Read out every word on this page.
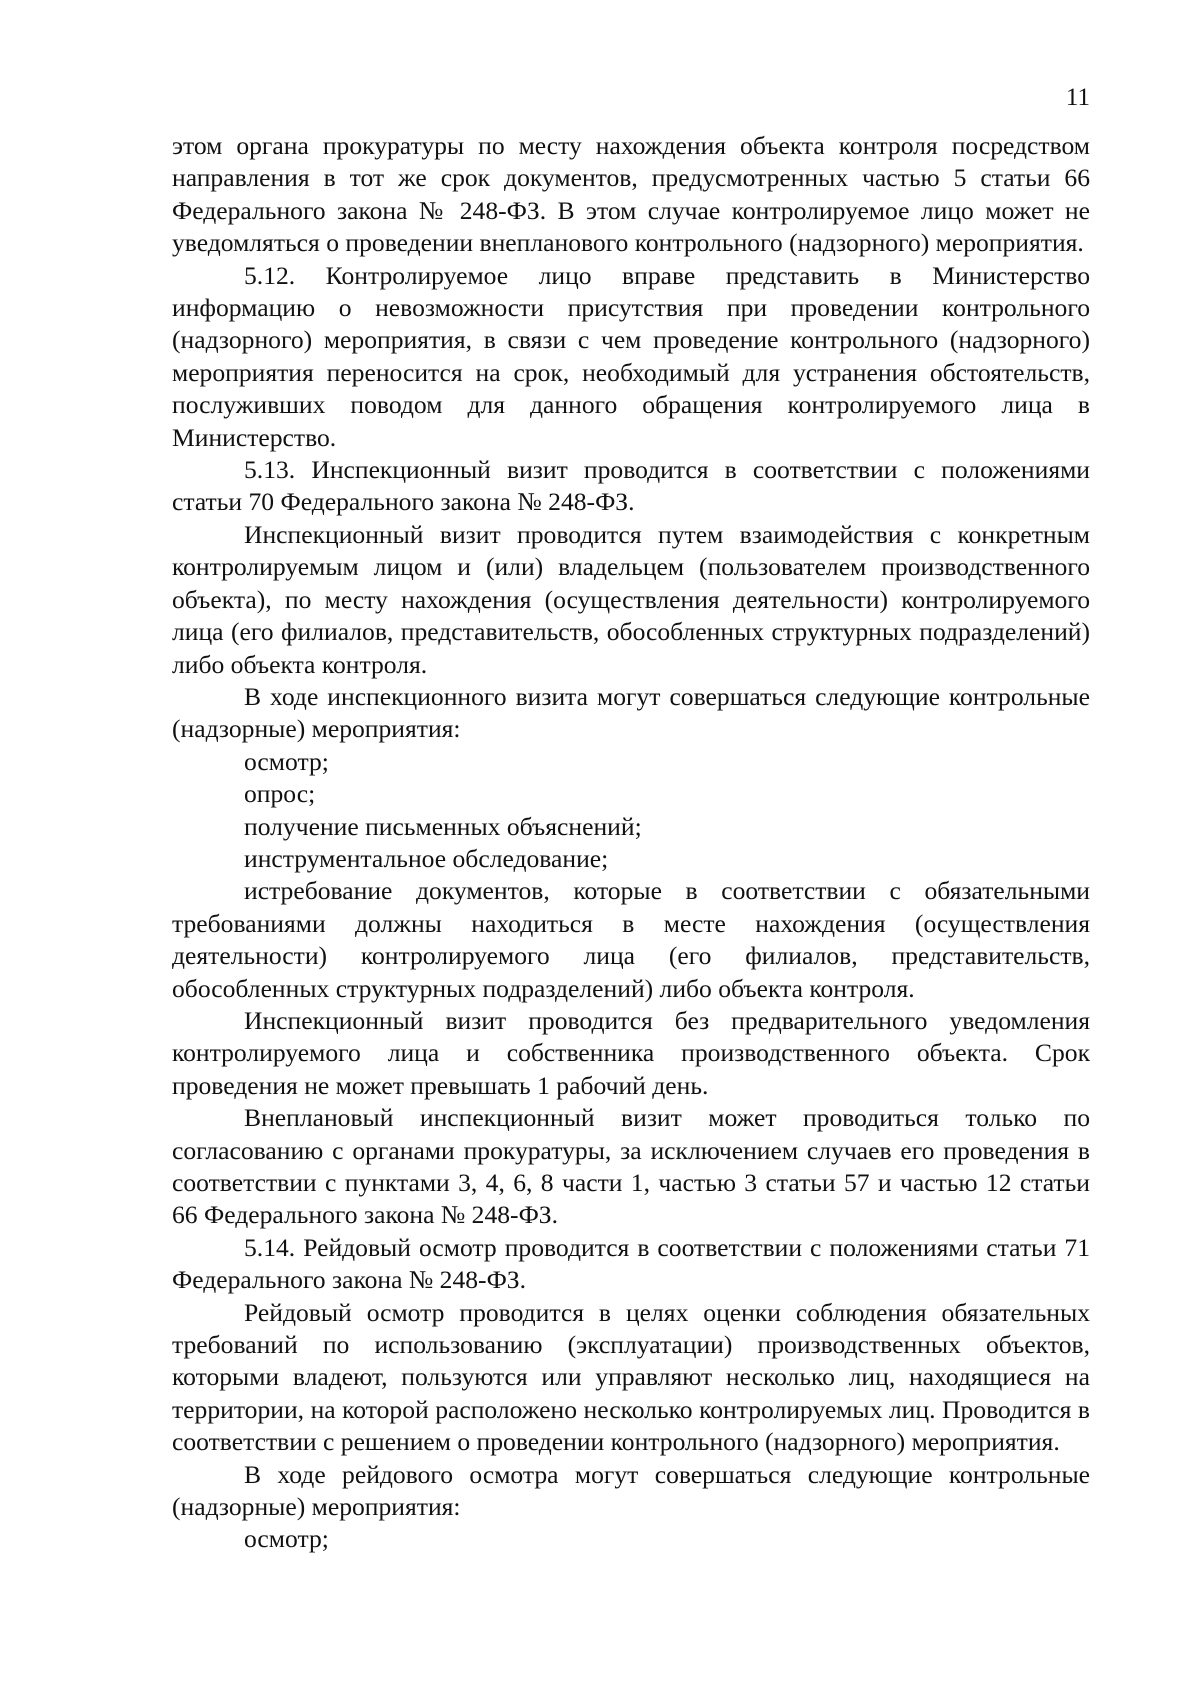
11

этом органа прокуратуры по месту нахождения объекта контроля посредством направления в тот же срок документов, предусмотренных частью 5 статьи 66 Федерального закона № 248-ФЗ. В этом случае контролируемое лицо может не уведомляться о проведении внепланового контрольного (надзорного) мероприятия.

5.12. Контролируемое лицо вправе представить в Министерство информацию о невозможности присутствия при проведении контрольного (надзорного) мероприятия, в связи с чем проведение контрольного (надзорного) мероприятия переносится на срок, необходимый для устранения обстоятельств, послуживших поводом для данного обращения контролируемого лица в Министерство.

5.13. Инспекционный визит проводится в соответствии с положениями статьи 70 Федерального закона № 248-ФЗ.

Инспекционный визит проводится путем взаимодействия с конкретным контролируемым лицом и (или) владельцем (пользователем производственного объекта), по месту нахождения (осуществления деятельности) контролируемого лица (его филиалов, представительств, обособленных структурных подразделений) либо объекта контроля.

В ходе инспекционного визита могут совершаться следующие контрольные (надзорные) мероприятия:

осмотр;

опрос;

получение письменных объяснений;

инструментальное обследование;

истребование документов, которые в соответствии с обязательными требованиями должны находиться в месте нахождения (осуществления деятельности) контролируемого лица (его филиалов, представительств, обособленных структурных подразделений) либо объекта контроля.

Инспекционный визит проводится без предварительного уведомления контролируемого лица и собственника производственного объекта. Срок проведения не может превышать 1 рабочий день.

Внеплановый инспекционный визит может проводиться только по согласованию с органами прокуратуры, за исключением случаев его проведения в соответствии с пунктами 3, 4, 6, 8 части 1, частью 3 статьи 57 и частью 12 статьи 66 Федерального закона № 248-ФЗ.

5.14. Рейдовый осмотр проводится в соответствии с положениями статьи 71 Федерального закона № 248-ФЗ.

Рейдовый осмотр проводится в целях оценки соблюдения обязательных требований по использованию (эксплуатации) производственных объектов, которыми владеют, пользуются или управляют несколько лиц, находящиеся на территории, на которой расположено несколько контролируемых лиц. Проводится в соответствии с решением о проведении контрольного (надзорного) мероприятия.

В ходе рейдового осмотра могут совершаться следующие контрольные (надзорные) мероприятия:

осмотр;
